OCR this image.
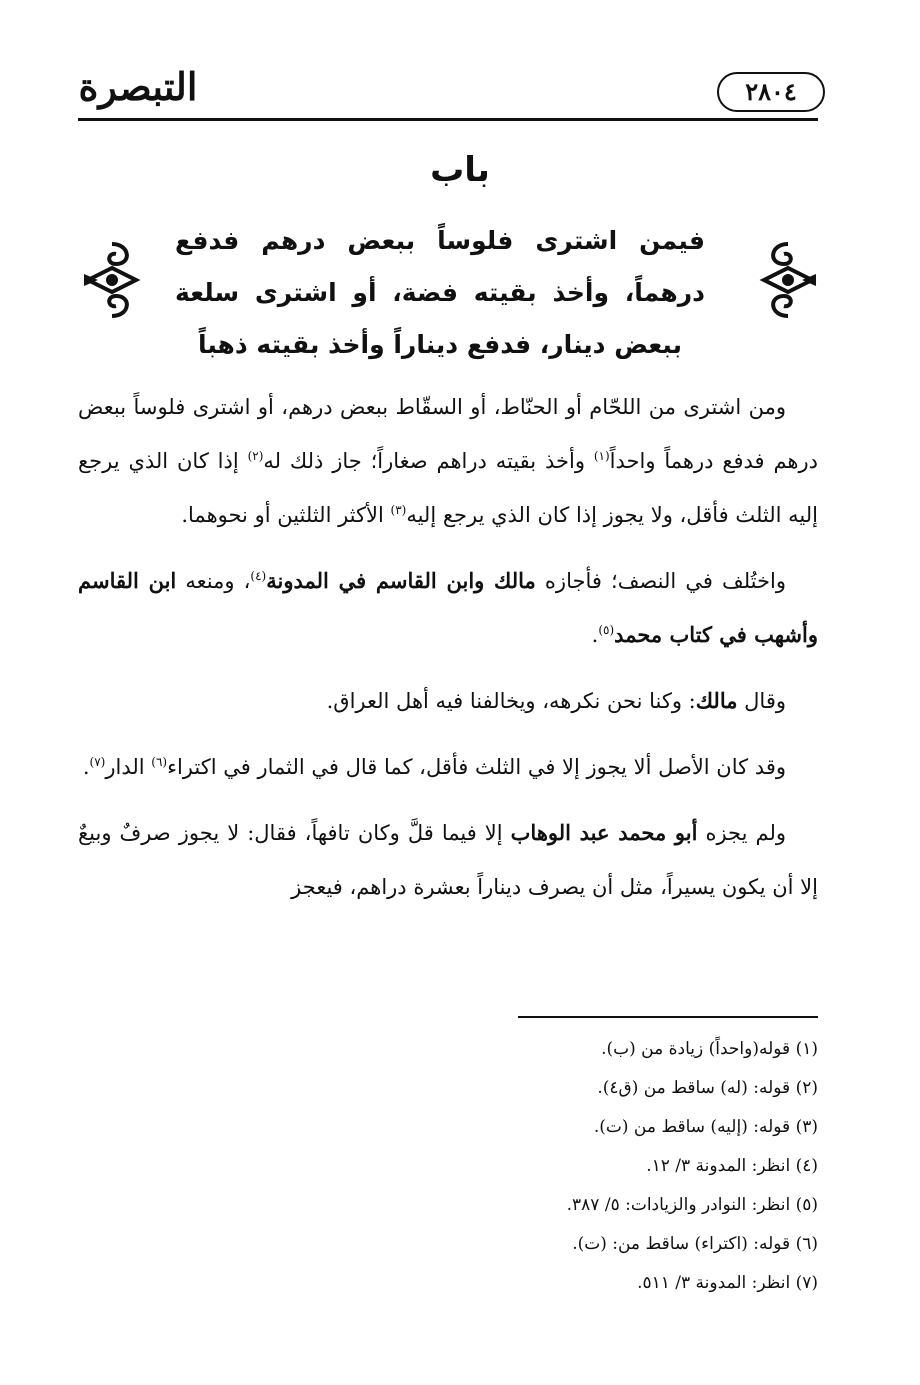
التبصرة	٢٨٠٤
باب
فيمن اشترى فلوساً ببعض درهم فدفع درهماً، وأخذ بقيته فضة، أو اشترى سلعة ببعض دينار، فدفع ديناراً وأخذ بقيته ذهباً

ومن اشترى من اللحّام أو الحنّاط، أو السقّاط ببعض درهم، أو اشترى فلوساً ببعض درهم فدفع درهماً واحداً$^{(١)}$ وأخذ بقيته دراهم صغاراً؛ جاز ذلك له$^{(٢)}$ إذا كان الذي يرجع إليه الثلث فأقل، ولا يجوز إذا كان الذي يرجع إليه$^{(٣)}$ الأكثر الثلثين أو نحوهما.

واختُلف في النصف؛ فأجازه مالك وابن القاسم في المدونة$^{(٤)}$، ومنعه ابن القاسم وأشهب في كتاب محمد$^{(٥)}$.

وقال مالك: وكنا نحن نكرهه، ويخالفنا فيه أهل العراق.

وقد كان الأصل ألا يجوز إلا في الثلث فأقل، كما قال في الثمار في اكتراء$^{(٦)}$ الدار$^{(٧)}$.

ولم يجزه أبو محمد عبد الوهاب إلا فيما قلَّ وكان تافهاً، فقال: لا يجوز صرفٌ وبيعٌ إلا أن يكون يسيراً، مثل أن يصرف ديناراً بعشرة دراهم، فيعجز

(١) قوله(واحداً) زيادة من (ب).
(٢) قوله: (له) ساقط من (ق٤).
(٣) قوله: (إليه) ساقط من (ت).
(٤) انظر: المدونة ٣/ ١٢.
(٥) انظر: النوادر والزيادات: ٥/ ٣٨٧.
(٦) قوله: (اكتراء) ساقط من: (ت).
(٧) انظر: المدونة ٣/ ٥١١.
